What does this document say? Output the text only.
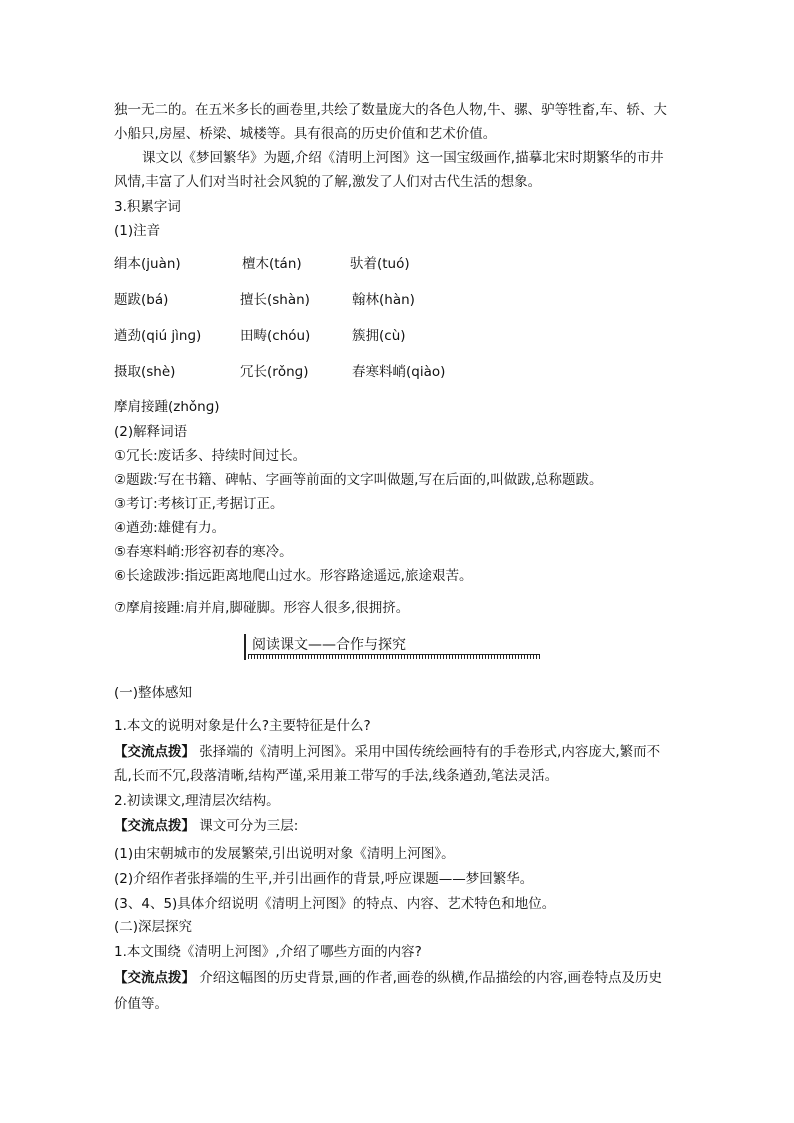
独一无二的。在五米多长的画卷里,共绘了数量庞大的各色人物,牛、骡、驴等牲畜,车、轿、大
小船只,房屋、桥梁、城楼等。具有很高的历史价值和艺术价值。
课文以《梦回繁华》为题,介绍《清明上河图》这一国宝级画作,描摹北宋时期繁华的市井
风情,丰富了人们对当时社会风貌的了解,激发了人们对古代生活的想象。
3.积累字词
(1)注音
绢本(juàn)	檀木(tán)	驮着(tuó)
题跋(bá)	擅长(shàn)	翰林(hàn)
遒劲(qiú jìnɡ)	田畴(chóu)	簇拥(cù)
摄取(shè)	冗长(rǒnɡ)	春寒料峭(qiào)
摩肩接踵(zhǒnɡ)
(2)解释词语
①冗长:废话多、持续时间过长。
②题跋:写在书籍、碑帖、字画等前面的文字叫做题,写在后面的,叫做跋,总称题跋。
③考订:考核订正,考据订正。
④遒劲:雄健有力。
⑤春寒料峭:形容初春的寒冷。
⑥长途跋涉:指远距离地爬山过水。形容路途遥远,旅途艰苦。
⑦摩肩接踵:肩并肩,脚碰脚。形容人很多,很拥挤。
阅读课文——合作与探究
(一)整体感知
1.本文的说明对象是什么?主要特征是什么?
【交流点拨】 张择端的《清明上河图》。采用中国传统绘画特有的手卷形式,内容庞大,繁而不
乱,长而不冗,段落清晰,结构严谨,采用兼工带写的手法,线条遒劲,笔法灵活。
2.初读课文,理清层次结构。
【交流点拨】 课文可分为三层:
(1)由宋朝城市的发展繁荣,引出说明对象《清明上河图》。
(2)介绍作者张择端的生平,并引出画作的背景,呼应课题——梦回繁华。
(3、4、5)具体介绍说明《清明上河图》的特点、内容、艺术特色和地位。
(二)深层探究
1.本文围绕《清明上河图》,介绍了哪些方面的内容?
【交流点拨】 介绍这幅图的历史背景,画的作者,画卷的纵横,作品描绘的内容,画卷特点及历史
价值等。
